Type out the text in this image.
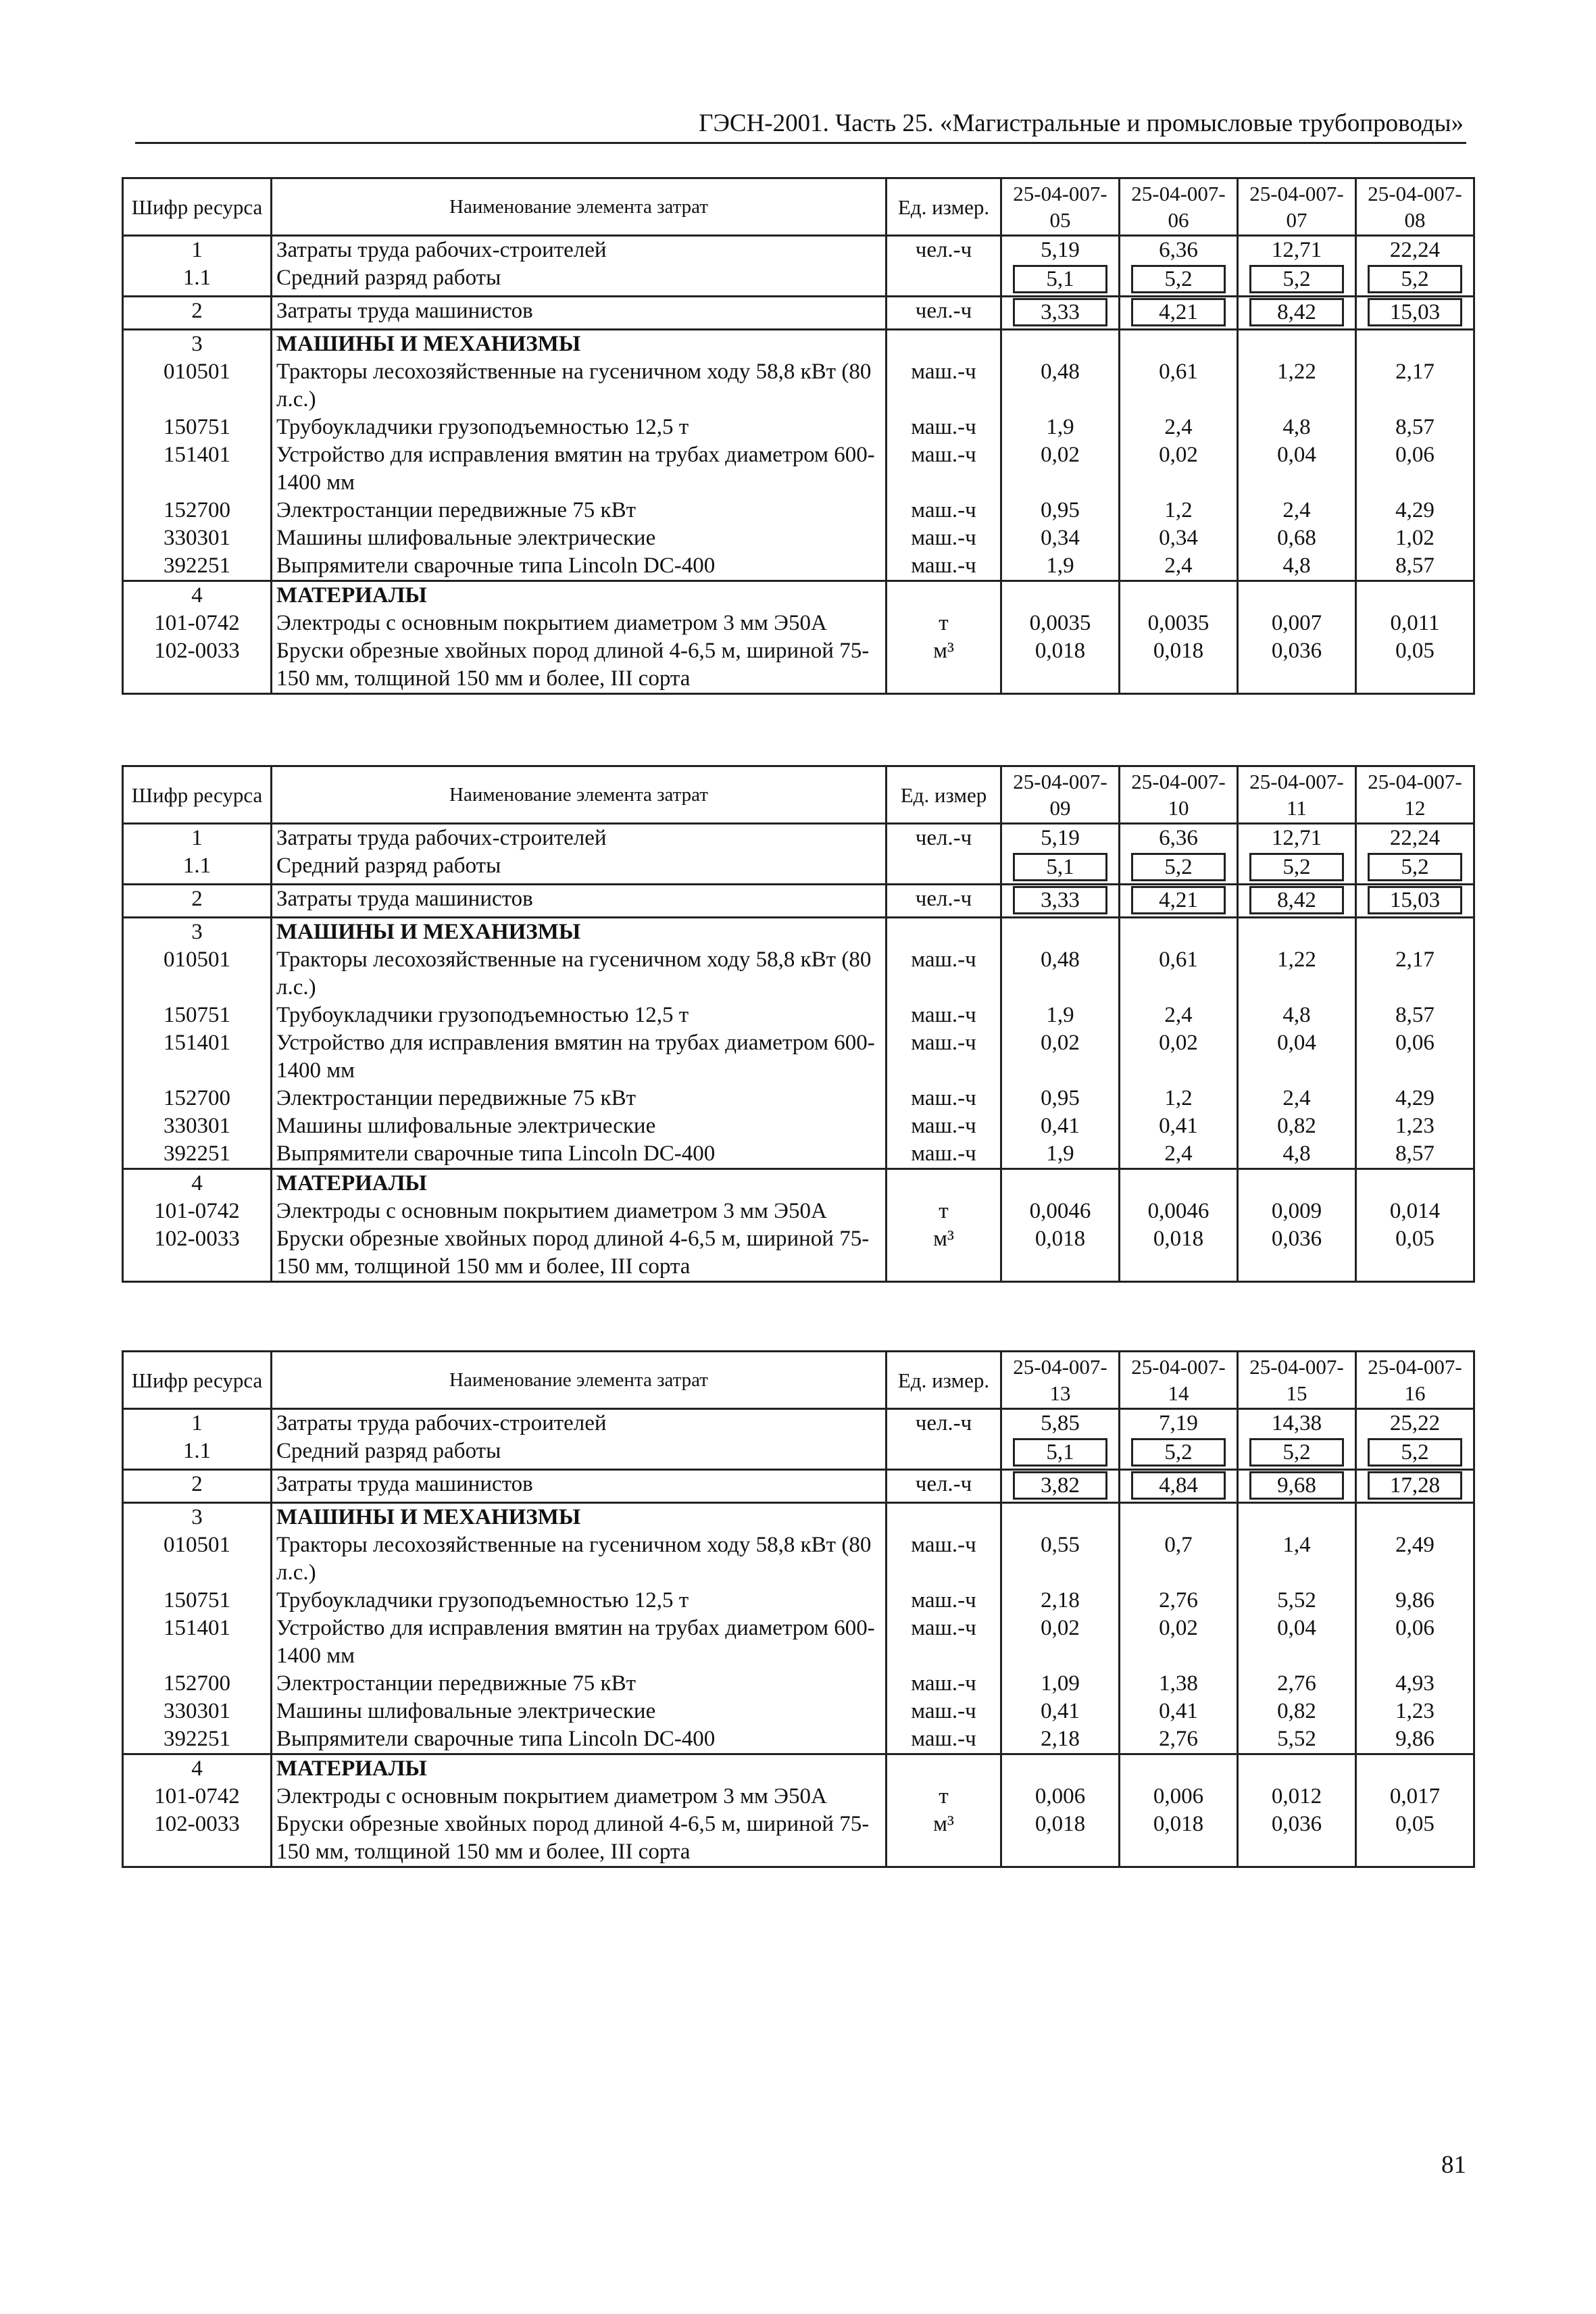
ГЭСН-2001. Часть 25. «Магистральные и промысловые трубопроводы»
Шифр ресурса	Наименование элемента затрат	Ед. измер.	25-04-007-05	25-04-007-06	25-04-007-07	25-04-007-08
1	Затраты труда рабочих-строителей	чел.-ч	5,19	6,36	12,71	22,24
1.1	Средний разряд работы		5,1	5,2	5,2	5,2
2	Затраты труда машинистов	чел.-ч	3,33	4,21	8,42	15,03
3	МАШИНЫ И МЕХАНИЗМЫ					
010501	Тракторы лесохозяйственные на гусеничном ходу 58,8 кВт (80 л.с.)	маш.-ч	0,48	0,61	1,22	2,17
150751	Трубоукладчики грузоподъемностью 12,5 т	маш.-ч	1,9	2,4	4,8	8,57
151401	Устройство для исправления вмятин на трубах диаметром 600-1400 мм	маш.-ч	0,02	0,02	0,04	0,06
152700	Электростанции передвижные 75 кВт	маш.-ч	0,95	1,2	2,4	4,29
330301	Машины шлифовальные электрические	маш.-ч	0,34	0,34	0,68	1,02
392251	Выпрямители сварочные типа Lincoln DC-400	маш.-ч	1,9	2,4	4,8	8,57
4	МАТЕРИАЛЫ					
101-0742	Электроды с основным покрытием диаметром 3 мм Э50А	т	0,0035	0,0035	0,007	0,011
102-0033	Бруски обрезные хвойных пород длиной 4-6,5 м, шириной 75-150 мм, толщиной 150 мм и более, III сорта	м³	0,018	0,018	0,036	0,05
Шифр ресурса	Наименование элемента затрат	Ед. измер	25-04-007-09	25-04-007-10	25-04-007-11	25-04-007-12
1	Затраты труда рабочих-строителей	чел.-ч	5,19	6,36	12,71	22,24
1.1	Средний разряд работы		5,1	5,2	5,2	5,2
2	Затраты труда машинистов	чел.-ч	3,33	4,21	8,42	15,03
3	МАШИНЫ И МЕХАНИЗМЫ					
010501	Тракторы лесохозяйственные на гусеничном ходу 58,8 кВт (80 л.с.)	маш.-ч	0,48	0,61	1,22	2,17
150751	Трубоукладчики грузоподъемностью 12,5 т	маш.-ч	1,9	2,4	4,8	8,57
151401	Устройство для исправления вмятин на трубах диаметром 600-1400 мм	маш.-ч	0,02	0,02	0,04	0,06
152700	Электростанции передвижные 75 кВт	маш.-ч	0,95	1,2	2,4	4,29
330301	Машины шлифовальные электрические	маш.-ч	0,41	0,41	0,82	1,23
392251	Выпрямители сварочные типа Lincoln DC-400	маш.-ч	1,9	2,4	4,8	8,57
4	МАТЕРИАЛЫ					
101-0742	Электроды с основным покрытием диаметром 3 мм Э50А	т	0,0046	0,0046	0,009	0,014
102-0033	Бруски обрезные хвойных пород длиной 4-6,5 м, шириной 75-150 мм, толщиной 150 мм и более, III сорта	м³	0,018	0,018	0,036	0,05
Шифр ресурса	Наименование элемента затрат	Ед. измер.	25-04-007-13	25-04-007-14	25-04-007-15	25-04-007-16
1	Затраты труда рабочих-строителей	чел.-ч	5,85	7,19	14,38	25,22
1.1	Средний разряд работы		5,1	5,2	5,2	5,2
2	Затраты труда машинистов	чел.-ч	3,82	4,84	9,68	17,28
3	МАШИНЫ И МЕХАНИЗМЫ					
010501	Тракторы лесохозяйственные на гусеничном ходу 58,8 кВт (80 л.с.)	маш.-ч	0,55	0,7	1,4	2,49
150751	Трубоукладчики грузоподъемностью 12,5 т	маш.-ч	2,18	2,76	5,52	9,86
151401	Устройство для исправления вмятин на трубах диаметром 600-1400 мм	маш.-ч	0,02	0,02	0,04	0,06
152700	Электростанции передвижные 75 кВт	маш.-ч	1,09	1,38	2,76	4,93
330301	Машины шлифовальные электрические	маш.-ч	0,41	0,41	0,82	1,23
392251	Выпрямители сварочные типа Lincoln DC-400	маш.-ч	2,18	2,76	5,52	9,86
4	МАТЕРИАЛЫ					
101-0742	Электроды с основным покрытием диаметром 3 мм Э50А	т	0,006	0,006	0,012	0,017
102-0033	Бруски обрезные хвойных пород длиной 4-6,5 м, шириной 75-150 мм, толщиной 150 мм и более, III сорта	м³	0,018	0,018	0,036	0,05
81
